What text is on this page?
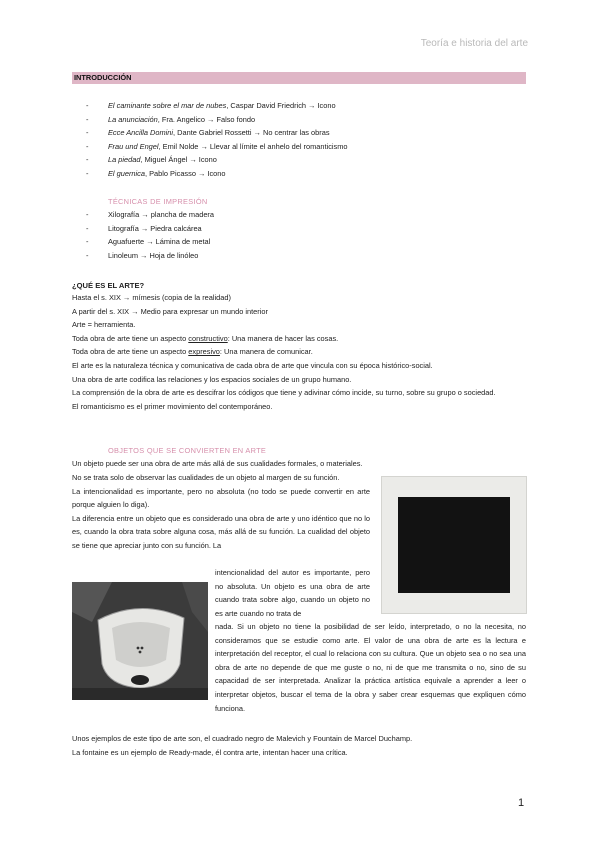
Teoría e historia del arte
INTRODUCCIÓN
- El caminante sobre el mar de nubes, Caspar David Friedrich → Icono
- La anunciación, Fra. Angelico → Falso fondo
- Ecce Ancilla Domini, Dante Gabriel Rossetti → No centrar las obras
- Frau und Engel, Emil Nolde → Llevar al límite el anhelo del romanticismo
- La piedad, Miguel Ángel → Icono
- El guernica, Pablo Picasso → Icono
TÉCNICAS DE IMPRESIÓN
- Xilografía → plancha de madera
- Litografía → Piedra calcárea
- Aguafuerte → Lámina de metal
- Linoleum → Hoja de linóleo
¿QUÉ ES EL ARTE?
Hasta el s. XIX → mímesis (copia de la realidad)
A partir del s. XIX → Medio para expresar un mundo interior
Arte = herramienta.
Toda obra de arte tiene un aspecto constructivo: Una manera de hacer las cosas.
Toda obra de arte tiene un aspecto expresivo: Una manera de comunicar.
El arte es la naturaleza técnica y comunicativa de cada obra de arte que vincula con su época histórico-social.
Una obra de arte codifica las relaciones y los espacios sociales de un grupo humano.
La comprensión de la obra de arte es descifrar los códigos que tiene y adivinar cómo incide, su turno, sobre su grupo o sociedad.
El romanticismo es el primer movimiento del contemporáneo.
OBJETOS QUE SE CONVIERTEN EN ARTE
Un objeto puede ser una obra de arte más allá de sus cualidades formales, o materiales.
No se trata solo de observar las cualidades de un objeto al margen de su función.
La intencionalidad es importante, pero no absoluta (no todo se puede convertir en arte porque alguien lo diga).
La diferencia entre un objeto que es considerado una obra de arte y uno idéntico que no lo es, cuando la obra trata sobre alguna cosa, más allá de su función. La cualidad del objeto se tiene que apreciar junto con su función. La
intencionalidad del autor es importante, pero no absoluta. Un objeto es una obra de arte cuando trata sobre algo, cuando un objeto no es arte cuando no trata de
nada. Si un objeto no tiene la posibilidad de ser leído, interpretado, o no la necesita, no consideramos que se estudie como arte. El valor de una obra de arte es la lectura e interpretación del receptor, el cual lo relaciona con su cultura. Que un objeto sea o no sea una obra de arte no depende de que me guste o no, ni de que me transmita o no, sino de su capacidad de ser interpretada. Analizar la práctica artística equivale a aprender a leer o interpretar objetos, buscar el tema de la obra y saber crear esquemas que expliquen cómo funciona.
Unos ejemplos de este tipo de arte son, el cuadrado negro de Malevich y Fountain de Marcel Duchamp.
La fontaine es un ejemplo de Ready-made, él contra arte, intentan hacer una crítica.
1
